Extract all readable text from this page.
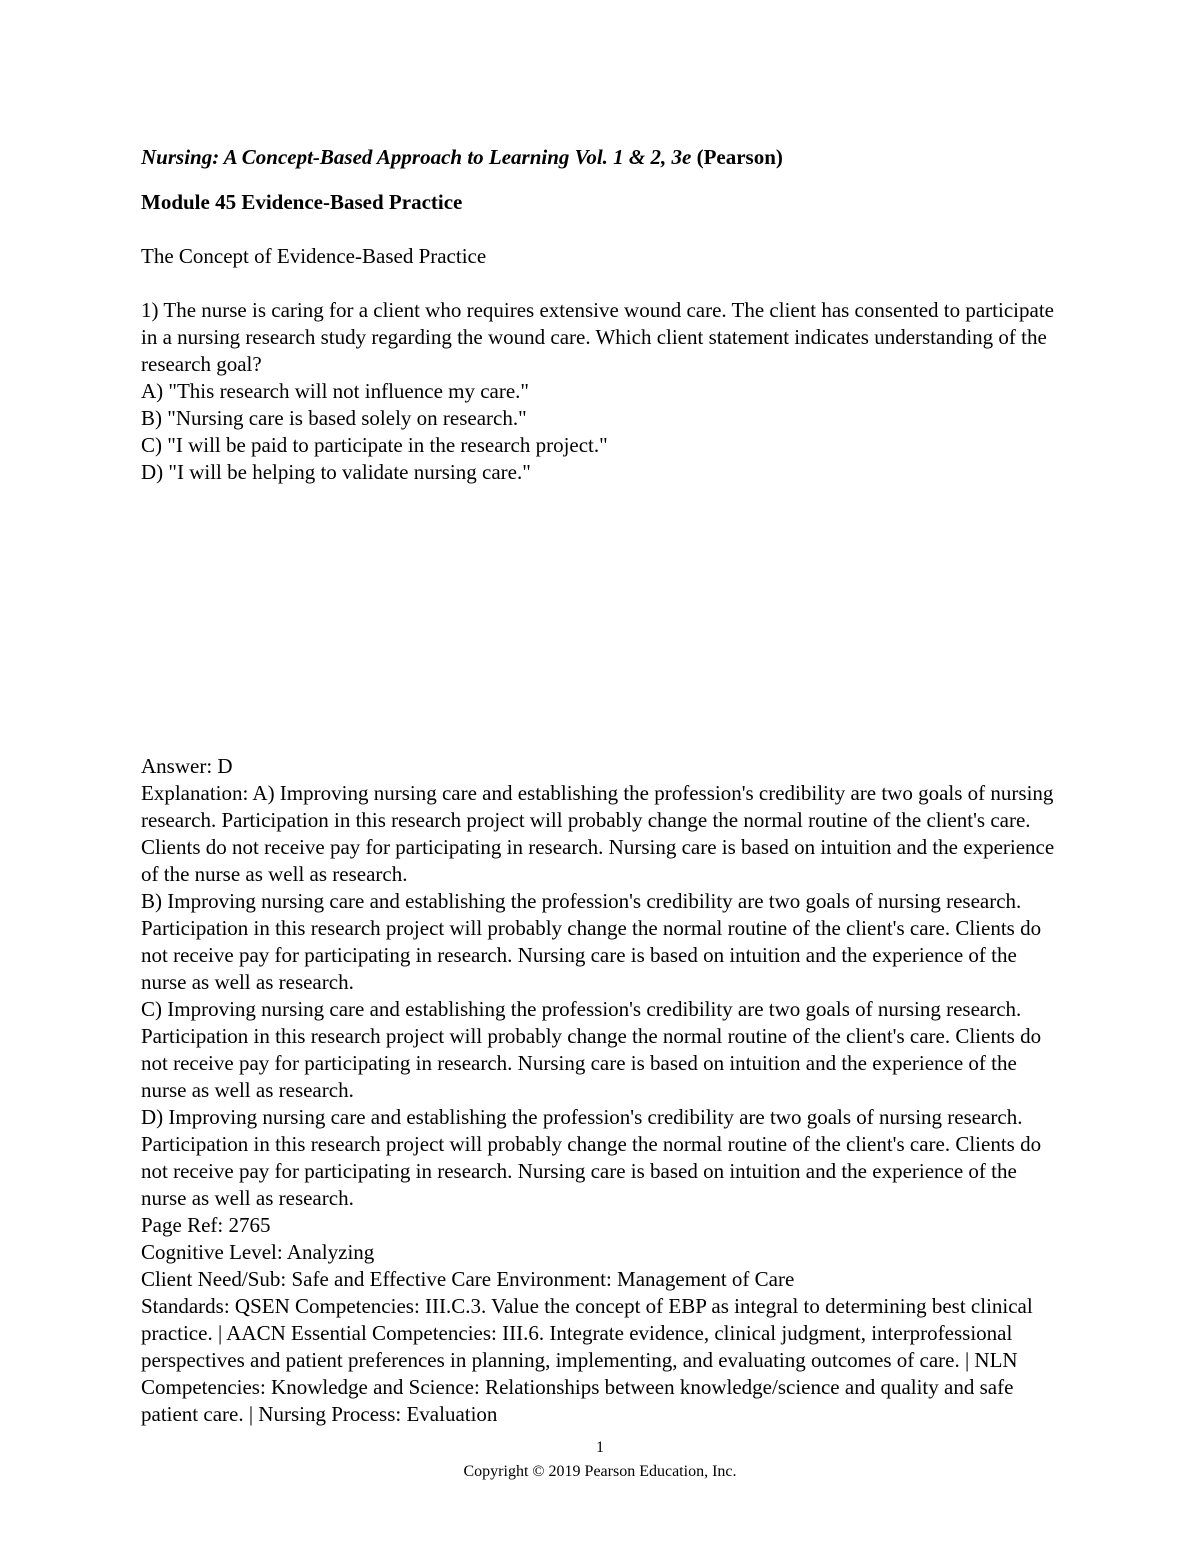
Nursing: A Concept-Based Approach to Learning Vol. 1 & 2, 3e (Pearson)

Module 45 Evidence-Based Practice

The Concept of Evidence-Based Practice

1) The nurse is caring for a client who requires extensive wound care. The client has consented to participate in a nursing research study regarding the wound care. Which client statement indicates understanding of the research goal?

A) "This research will not influence my care."
B) "Nursing care is based solely on research."
C) "I will be paid to participate in the research project."
D) "I will be helping to validate nursing care."

Answer: D

Explanation: A) Improving nursing care and establishing the profession's credibility are two goals of nursing research. Participation in this research project will probably change the normal routine of the client's care. Clients do not receive pay for participating in research. Nursing care is based on intuition and the experience of the nurse as well as research.

B) Improving nursing care and establishing the profession's credibility are two goals of nursing research. Participation in this research project will probably change the normal routine of the client's care. Clients do not receive pay for participating in research. Nursing care is based on intuition and the experience of the nurse as well as research.

C) Improving nursing care and establishing the profession's credibility are two goals of nursing research. Participation in this research project will probably change the normal routine of the client's care. Clients do not receive pay for participating in research. Nursing care is based on intuition and the experience of the nurse as well as research.

D) Improving nursing care and establishing the profession's credibility are two goals of nursing research. Participation in this research project will probably change the normal routine of the client's care. Clients do not receive pay for participating in research. Nursing care is based on intuition and the experience of the nurse as well as research.

Page Ref: 2765

Cognitive Level: Analyzing

Client Need/Sub: Safe and Effective Care Environment: Management of Care

Standards: QSEN Competencies: III.C.3. Value the concept of EBP as integral to determining best clinical practice. | AACN Essential Competencies: III.6. Integrate evidence, clinical judgment, interprofessional perspectives and patient preferences in planning, implementing, and evaluating outcomes of care. | NLN Competencies: Knowledge and Science: Relationships between knowledge/science and quality and safe patient care. | Nursing Process: Evaluation

1
Copyright © 2019 Pearson Education, Inc.
